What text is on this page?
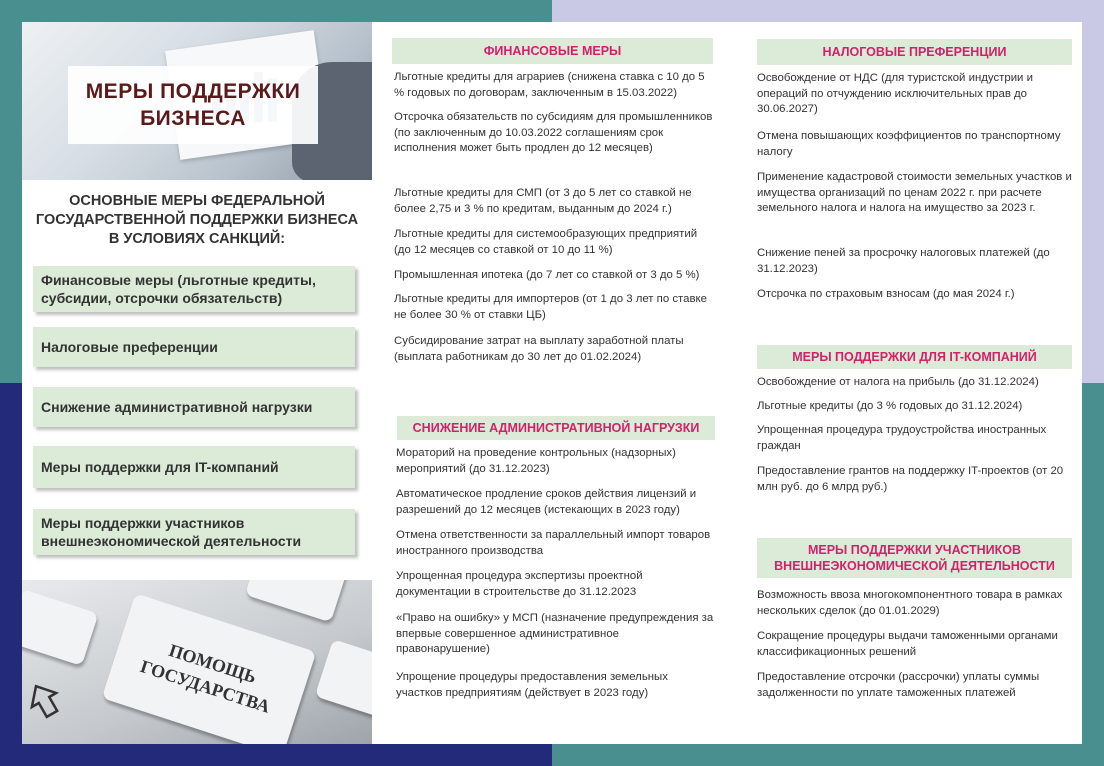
МЕРЫ ПОДДЕРЖКИ
БИЗНЕСА
ОСНОВНЫЕ МЕРЫ ФЕДЕРАЛЬНОЙ
ГОСУДАРСТВЕННОЙ ПОДДЕРЖКИ БИЗНЕСА
В УСЛОВИЯХ САНКЦИЙ:
Финансовые меры (льготные кредиты,
субсидии, отсрочки обязательств)
Налоговые преференции
Снижение административной нагрузки
Меры поддержки для IT-компаний
Меры поддержки участников
внешнеэкономической деятельности
ПОМОЩЬ
ГОСУДАРСТВА
ФИНАНСОВЫЕ МЕРЫ
Льготные кредиты для аграриев (снижена ставка с 10 до 5 % годовых по договорам, заключенным в 15.03.2022)
Отсрочка обязательств по субсидиям для промышленников (по заключенным до 10.03.2022 соглашениям срок исполнения может быть продлен до 12 месяцев)
Льготные кредиты для СМП (от 3 до 5 лет со ставкой не более 2,75 и 3 % по кредитам, выданным до 2024 г.)
Льготные кредиты для системообразующих предприятий (до 12 месяцев со ставкой от 10 до 11 %)
Промышленная ипотека (до 7 лет со ставкой от 3 до 5 %)
Льготные кредиты для импортеров (от 1 до 3 лет по ставке не более 30 % от ставки ЦБ)
Субсидирование затрат на выплату заработной платы (выплата работникам до 30 лет до 01.02.2024)
СНИЖЕНИЕ АДМИНИСТРАТИВНОЙ НАГРУЗКИ
Мораторий на проведение контрольных (надзорных) мероприятий (до 31.12.2023)
Автоматическое продление сроков действия лицензий и разрешений до 12 месяцев (истекающих в 2023 году)
Отмена ответственности за параллельный импорт товаров иностранного производства
Упрощенная процедура экспертизы проектной документации в строительстве до 31.12.2023
«Право на ошибку» у МСП (назначение предупреждения за впервые совершенное административное правонарушение)
Упрощение процедуры предоставления земельных участков предприятиям (действует в 2023 году)
НАЛОГОВЫЕ ПРЕФЕРЕНЦИИ
Освобождение от НДС (для туристской индустрии и операций по отчуждению исключительных прав до 30.06.2027)
Отмена повышающих коэффициентов по транспортному налогу
Применение кадастровой стоимости земельных участков и имущества организаций по ценам 2022 г. при расчете земельного налога и налога на имущество за 2023 г.
Снижение пеней за просрочку налоговых платежей (до 31.12.2023)
Отсрочка по страховым взносам (до мая 2024 г.)
МЕРЫ ПОДДЕРЖКИ ДЛЯ IT-КОМПАНИЙ
Освобождение от налога на прибыль (до 31.12.2024)
Льготные кредиты (до 3 % годовых до 31.12.2024)
Упрощенная процедура трудоустройства иностранных граждан
Предоставление грантов на поддержку IT-проектов (от 20 млн руб. до 6 млрд руб.)
МЕРЫ ПОДДЕРЖКИ УЧАСТНИКОВ
ВНЕШНЕЭКОНОМИЧЕСКОЙ ДЕЯТЕЛЬНОСТИ
Возможность ввоза многокомпонентного товара в рамках нескольких сделок (до 01.01.2029)
Сокращение процедуры выдачи таможенными органами классификационных решений
Предоставление отсрочки (рассрочки) уплаты суммы задолженности по уплате таможенных платежей
